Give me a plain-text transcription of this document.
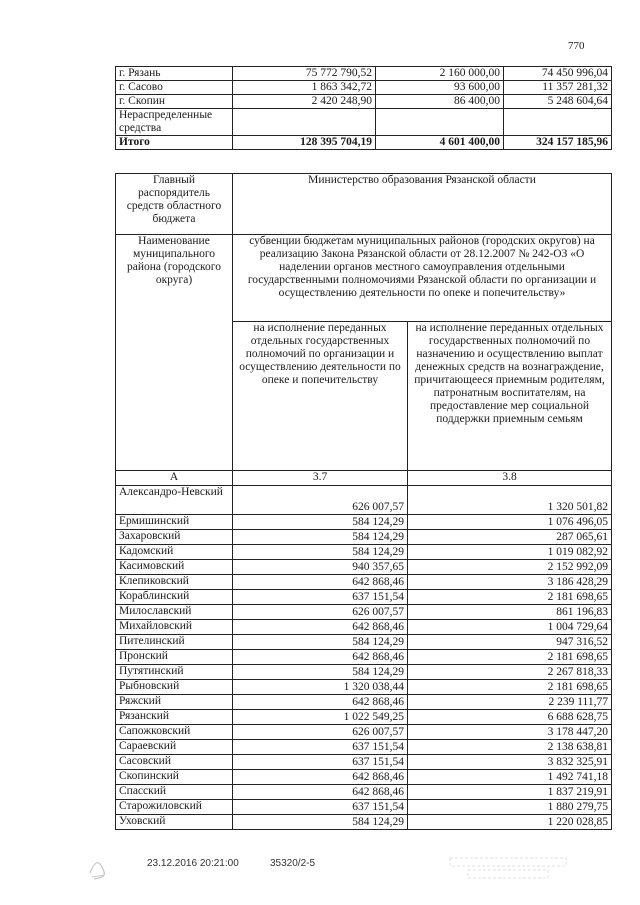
770
г. Рязань	75 772 790,52	2 160 000,00	74 450 996,04
г. Сасово	1 863 342,72	93 600,00	11 357 281,32
г. Скопин	2 420 248,90	86 400,00	5 248 604,64
Нераспределенные средства			
Итого	128 395 704,19	4 601 400,00	324 157 185,96
Главный распорядитель средств областного бюджета	Министерство образования Рязанской области	
Наименование муниципального района (городского округа)	субвенции бюджетам муниципальных районов (городских округов) на реализацию Закона Рязанской области от 28.12.2007 № 242-ОЗ «О наделении органов местного самоуправления отдельными государственными полномочиями Рязанской области по организации и осуществлению деятельности по опеке и попечительству»	
	на исполнение переданных отдельных государственных полномочий по организации и осуществлению деятельности по опеке и попечительству	на исполнение переданных отдельных государственных полномочий по назначению и осуществлению выплат денежных средств на вознаграждение, причитающееся приемным родителям, патронатным воспитателям, на предоставление мер социальной поддержки приемным семьям
А	3.7	3.8
Александро-Невский	626 007,57	1 320 501,82
Ермишинский	584 124,29	1 076 496,05
Захаровский	584 124,29	287 065,61
Кадомский	584 124,29	1 019 082,92
Касимовский	940 357,65	2 152 992,09
Клепиковский	642 868,46	3 186 428,29
Кораблинский	637 151,54	2 181 698,65
Милославский	626 007,57	861 196,83
Михайловский	642 868,46	1 004 729,64
Пителинский	584 124,29	947 316,52
Пронский	642 868,46	2 181 698,65
Путятинский	584 124,29	2 267 818,33
Рыбновский	1 320 038,44	2 181 698,65
Ряжский	642 868,46	2 239 111,77
Рязанский	1 022 549,25	6 688 628,75
Сапожковский	626 007,57	3 178 447,20
Сараевский	637 151,54	2 138 638,81
Сасовский	637 151,54	3 832 325,91
Скопинский	642 868,46	1 492 741,18
Спасский	642 868,46	1 837 219,91
Старожиловский	637 151,54	1 880 279,75
Уховский	584 124,29	1 220 028,85
23.12.2016 20:21:00	35320/2-5
